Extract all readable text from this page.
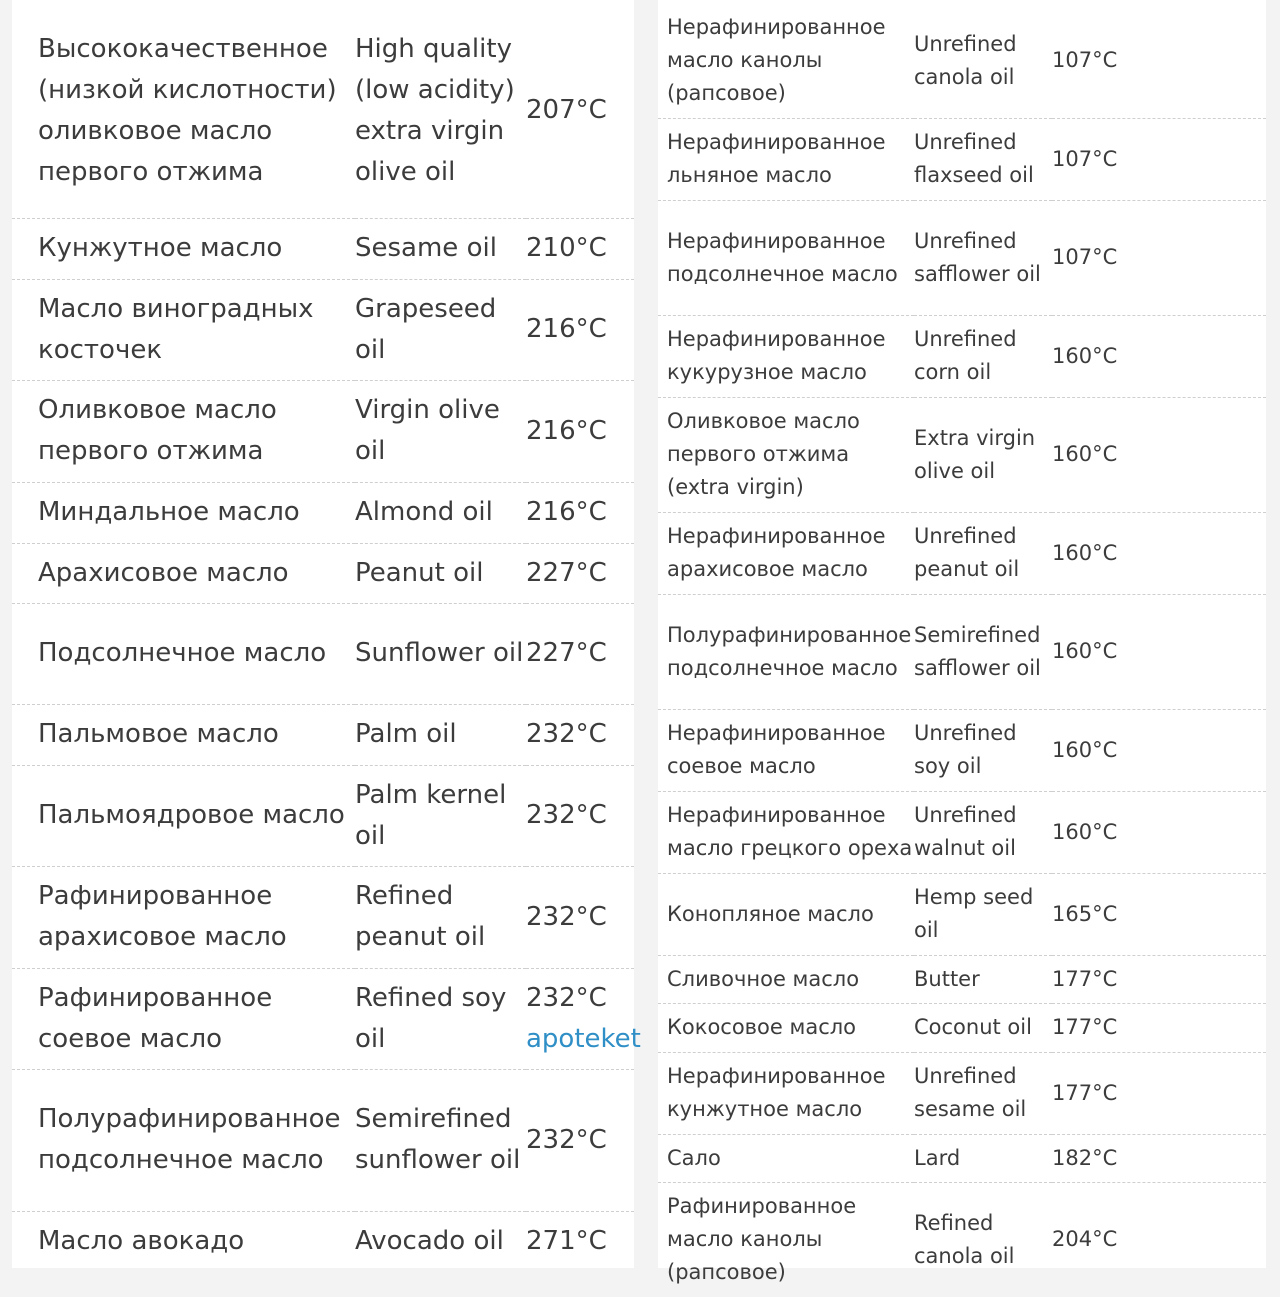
Высококачественное (низкой кислотности) оливковое масло первого отжима	High quality (low acidity) extra virgin olive oil	207°C
Кунжутное масло	Sesame oil	210°C
Масло виноградных косточек	Grapeseed oil	216°C
Оливковое масло первого отжима	Virgin olive oil	216°C
Миндальное масло	Almond oil	216°C
Арахисовое масло	Peanut oil	227°C
Подсолнечное масло	Sunflower oil	227°C
Пальмовое масло	Palm oil	232°C
Пальмоядровое масло	Palm kernel oil	232°C
Рафинированное арахисовое масло	Refined peanut oil	232°C
Рафинированное соевое масло	Refined soy oil	232°C
apoteket

Полурафинированное подсолнечное масло	Semirefined sunflower oil	232°C
Масло авокадо	Avocado oil	271°C
Нерафинированное масло канолы (рапсовое)	Unrefined canola oil	107°C
Нерафинированное льняное масло	Unrefined flaxseed oil	107°C
Нерафинированное подсолнечное масло	Unrefined safflower oil	107°C
Нерафинированное кукурузное масло	Unrefined corn oil	160°C
Оливковое масло первого отжима (extra virgin)	Extra virgin olive oil	160°C
Нерафинированное арахисовое масло	Unrefined peanut oil	160°C
Полурафинированное подсолнечное масло	Semirefined safflower oil	160°C
Нерафинированное соевое масло	Unrefined soy oil	160°C
Нерафинированное масло грецкого ореха	Unrefined walnut oil	160°C
Конопляное масло	Hemp seed oil	165°C
Сливочное масло	Butter	177°C
Кокосовое масло	Coconut oil	177°C
Нерафинированное кунжутное масло	Unrefined sesame oil	177°C
Сало	Lard	182°C
Рафинированное масло канолы (рапсовое)	Refined canola oil	204°C
